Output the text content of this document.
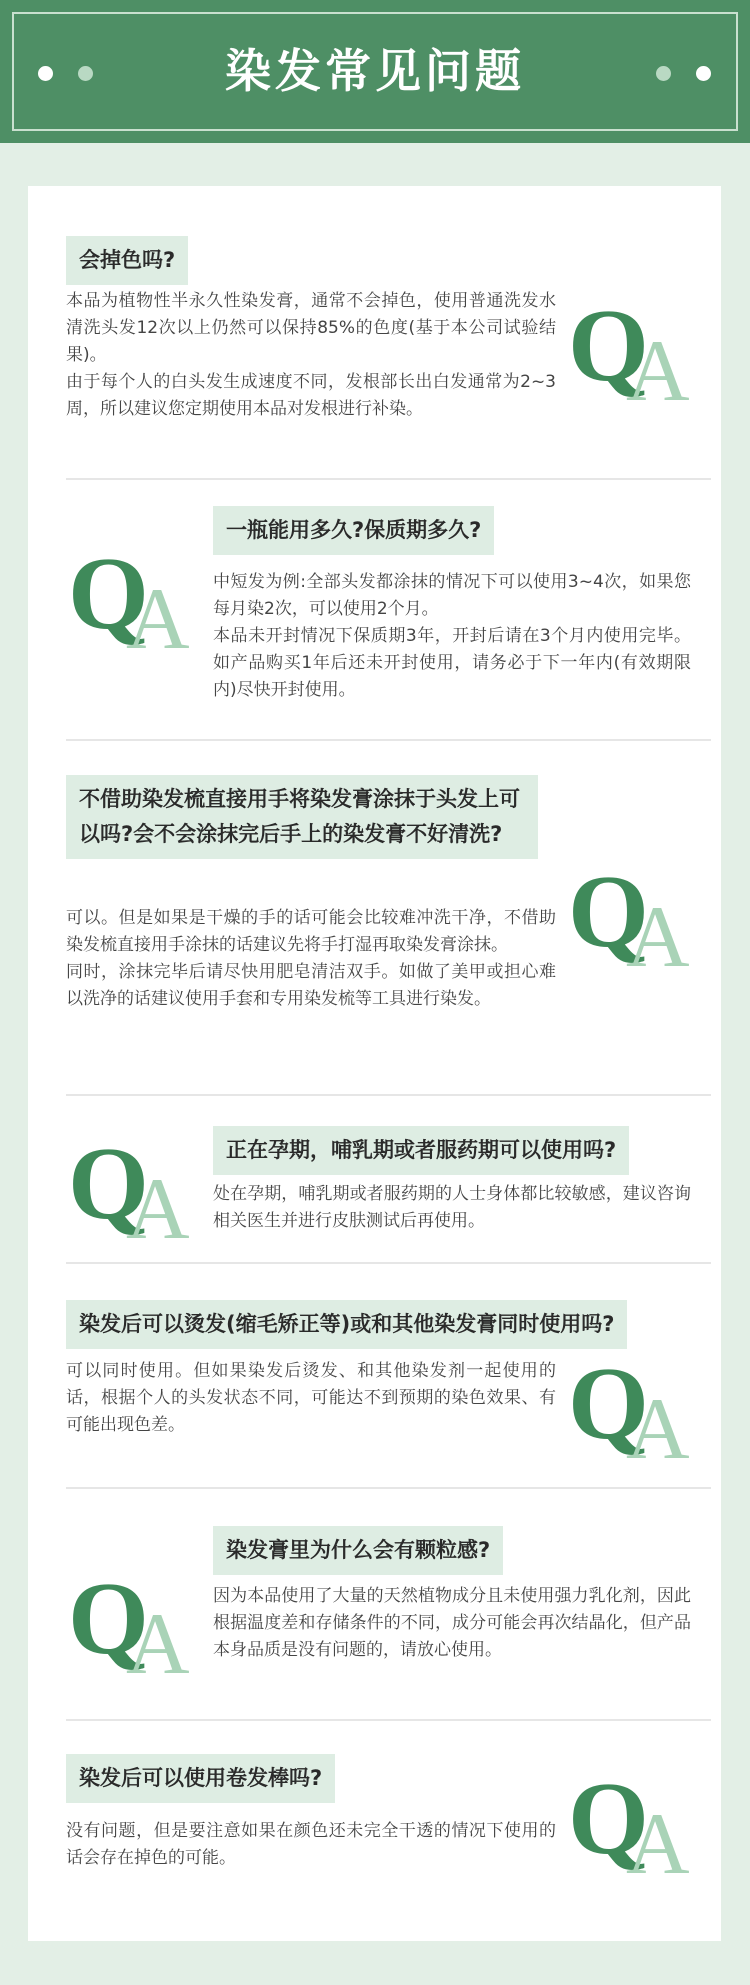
染发常见问题
会掉色吗?

本品为植物性半永久性染发膏，通常不会掉色，使用普通洗发水清洗头发12次以上仍然可以保持85%的色度(基于本公司试验结果)。

由于每个人的白头发生成速度不同，发根部长出白发通常为2~3周，所以建议您定期使用本品对发根进行补染。

Q
A
Q
A
一瓶能用多久?保质期多久?

中短发为例:全部头发都涂抹的情况下可以使用3~4次，如果您每月染2次，可以使用2个月。

本品未开封情况下保质期3年，开封后请在3个月内使用完毕。如产品购买1年后还未开封使用，请务必于下一年内(有效期限内)尽快开封使用。

不借助染发梳直接用手将染发膏涂抹于头发上可以吗?会不会涂抹完后手上的染发膏不好清洗?

可以。但是如果是干燥的手的话可能会比较难冲洗干净，不借助染发梳直接用手涂抹的话建议先将手打湿再取染发膏涂抹。

同时，涂抹完毕后请尽快用肥皂清洁双手。如做了美甲或担心难以洗净的话建议使用手套和专用染发梳等工具进行染发。

Q
A
Q
A
正在孕期，哺乳期或者服药期可以使用吗?

处在孕期，哺乳期或者服药期的人士身体都比较敏感，建议咨询相关医生并进行皮肤测试后再使用。

染发后可以烫发(缩毛矫正等)或和其他染发膏同时使用吗?

可以同时使用。但如果染发后烫发、和其他染发剂一起使用的话，根据个人的头发状态不同，可能达不到预期的染色效果、有可能出现色差。	Q
A
Q
A
染发膏里为什么会有颗粒感?

因为本品使用了大量的天然植物成分且未使用强力乳化剂，因此根据温度差和存储条件的不同，成分可能会再次结晶化，但产品本身品质是没有问题的，请放心使用。

染发后可以使用卷发棒吗?

没有问题，但是要注意如果在颜色还未完全干透的情况下使用的话会存在掉色的可能。	Q
A
